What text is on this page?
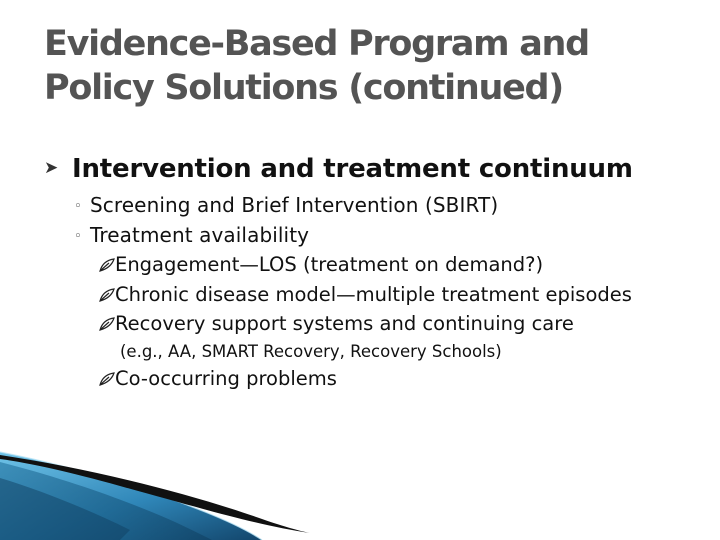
Evidence-Based Program and
Policy Solutions (continued)
➤ Intervention and treatment continuum
◦ Screening and Brief Intervention (SBIRT)
◦ Treatment availability
Engagement—LOS (treatment on demand?)
Chronic disease model—multiple treatment episodes
Recovery support systems and continuing care
(e.g., AA, SMART Recovery, Recovery Schools)
Co-occurring problems
